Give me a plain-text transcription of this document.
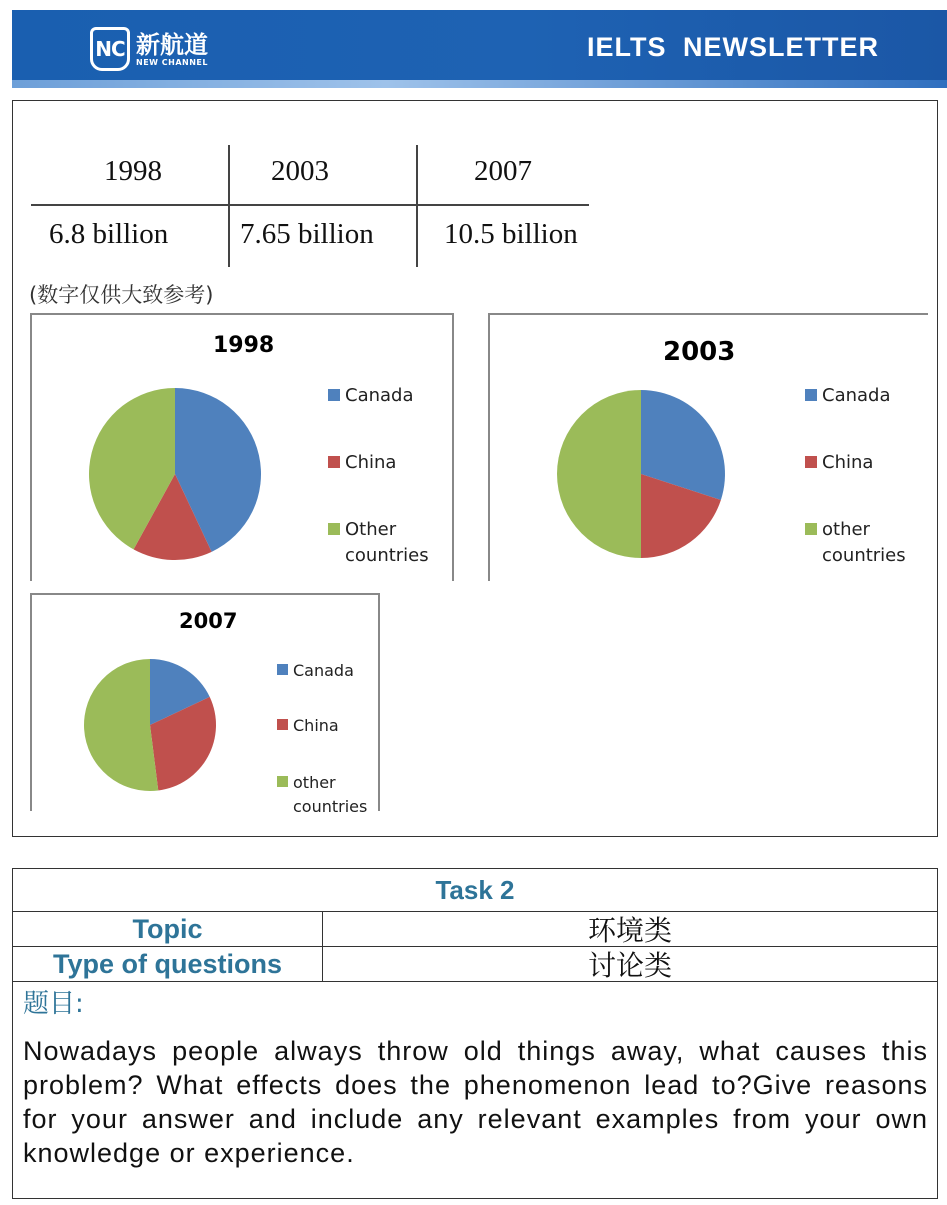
NC 新航道
NEW CHANNEL	IELTS NEWSLETTER
1998	2003	2007
6.8 billion 7.65 billion 10.5 billion
(数字仅供大致参考)
1998
Canada
China
Other
countries
2003
Canada
China
other
countries
2007
Canada
China
other
countries
Task 2
Topic	环境类
Type of questions	讨论类
题目:
Nowadays people always throw old things away, what causes this problem? What effects does the phenomenon lead to?Give reasons for your answer and include any relevant examples from your own knowledge or experience.
